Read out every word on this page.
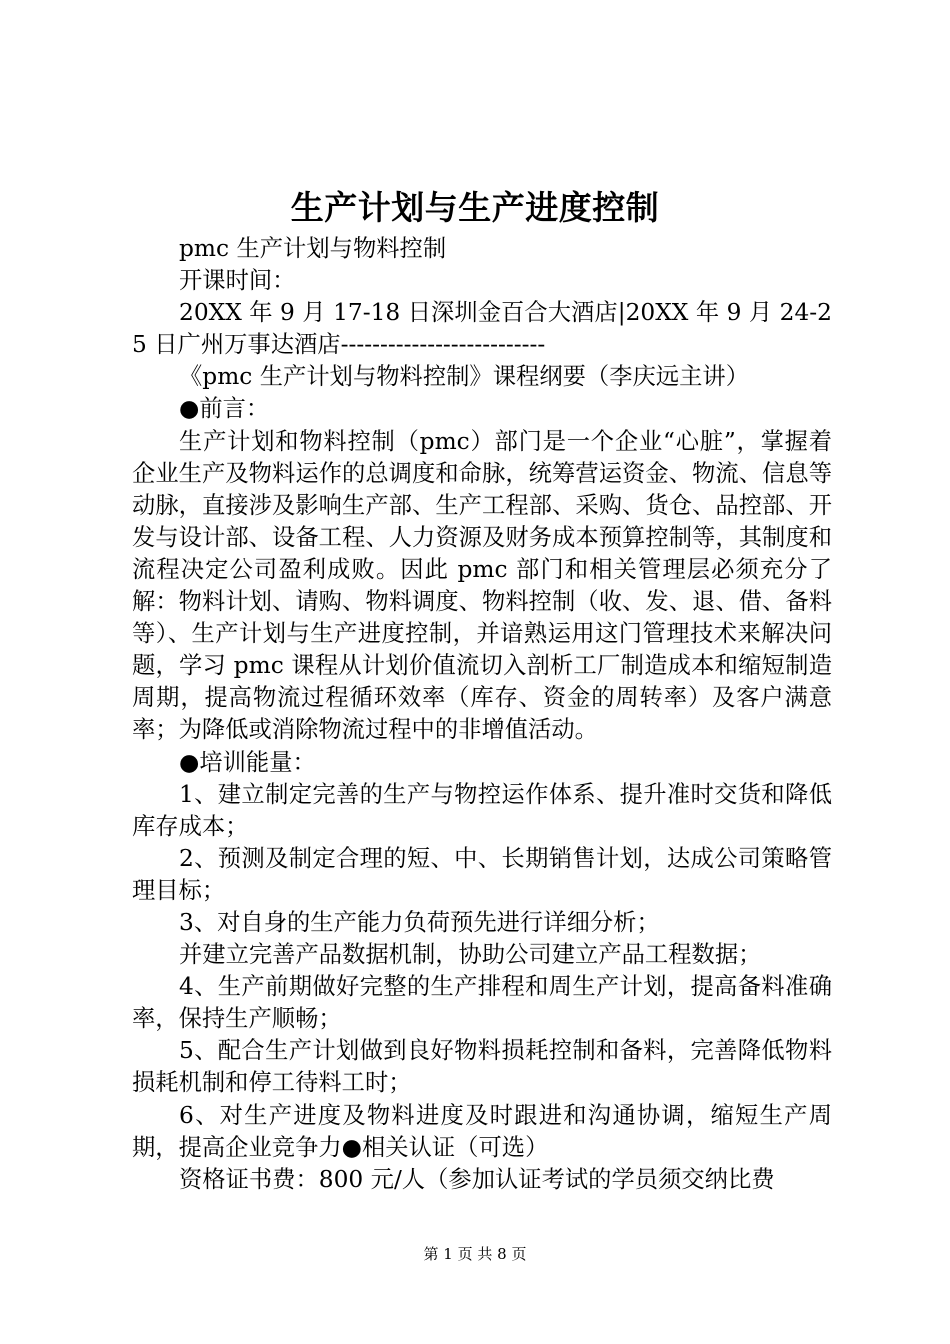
生产计划与生产进度控制

pmc 生产计划与物料控制

开课时间：

20XX 年 9 月 17-18 日深圳金百合大酒店|20XX 年 9 月 24-25 日广州万事达酒店--------------------------

《pmc 生产计划与物料控制》课程纲要（李庆远主讲）

●前言：

生产计划和物料控制（pmc）部门是一个企业“心脏”，掌握着企业生产及物料运作的总调度和命脉，统筹营运资金、物流、信息等动脉，直接涉及影响生产部、生产工程部、采购、货仓、品控部、开发与设计部、设备工程、人力资源及财务成本预算控制等，其制度和流程决定公司盈利成败。因此 pmc 部门和相关管理层必须充分了解：物料计划、请购、物料调度、物料控制（收、发、退、借、备料等）、生产计划与生产进度控制，并谙熟运用这门管理技术来解决问题，学习 pmc 课程从计划价值流切入剖析工厂制造成本和缩短制造周期，提高物流过程循环效率（库存、资金的周转率）及客户满意率；为降低或消除物流过程中的非增值活动。

●培训能量：

1、建立制定完善的生产与物控运作体系、提升准时交货和降低库存成本；

2、预测及制定合理的短、中、长期销售计划，达成公司策略管理目标；

3、对自身的生产能力负荷预先进行详细分析；

并建立完善产品数据机制，协助公司建立产品工程数据；

4、生产前期做好完整的生产排程和周生产计划，提高备料准确率，保持生产顺畅；

5、配合生产计划做到良好物料损耗控制和备料，完善降低物料损耗机制和停工待料工时；

6、对生产进度及物料进度及时跟进和沟通协调，缩短生产周期，提高企业竞争力●相关认证（可选）

资格证书费：800 元/人（参加认证考试的学员须交纳比费

第 1 页 共 8 页
